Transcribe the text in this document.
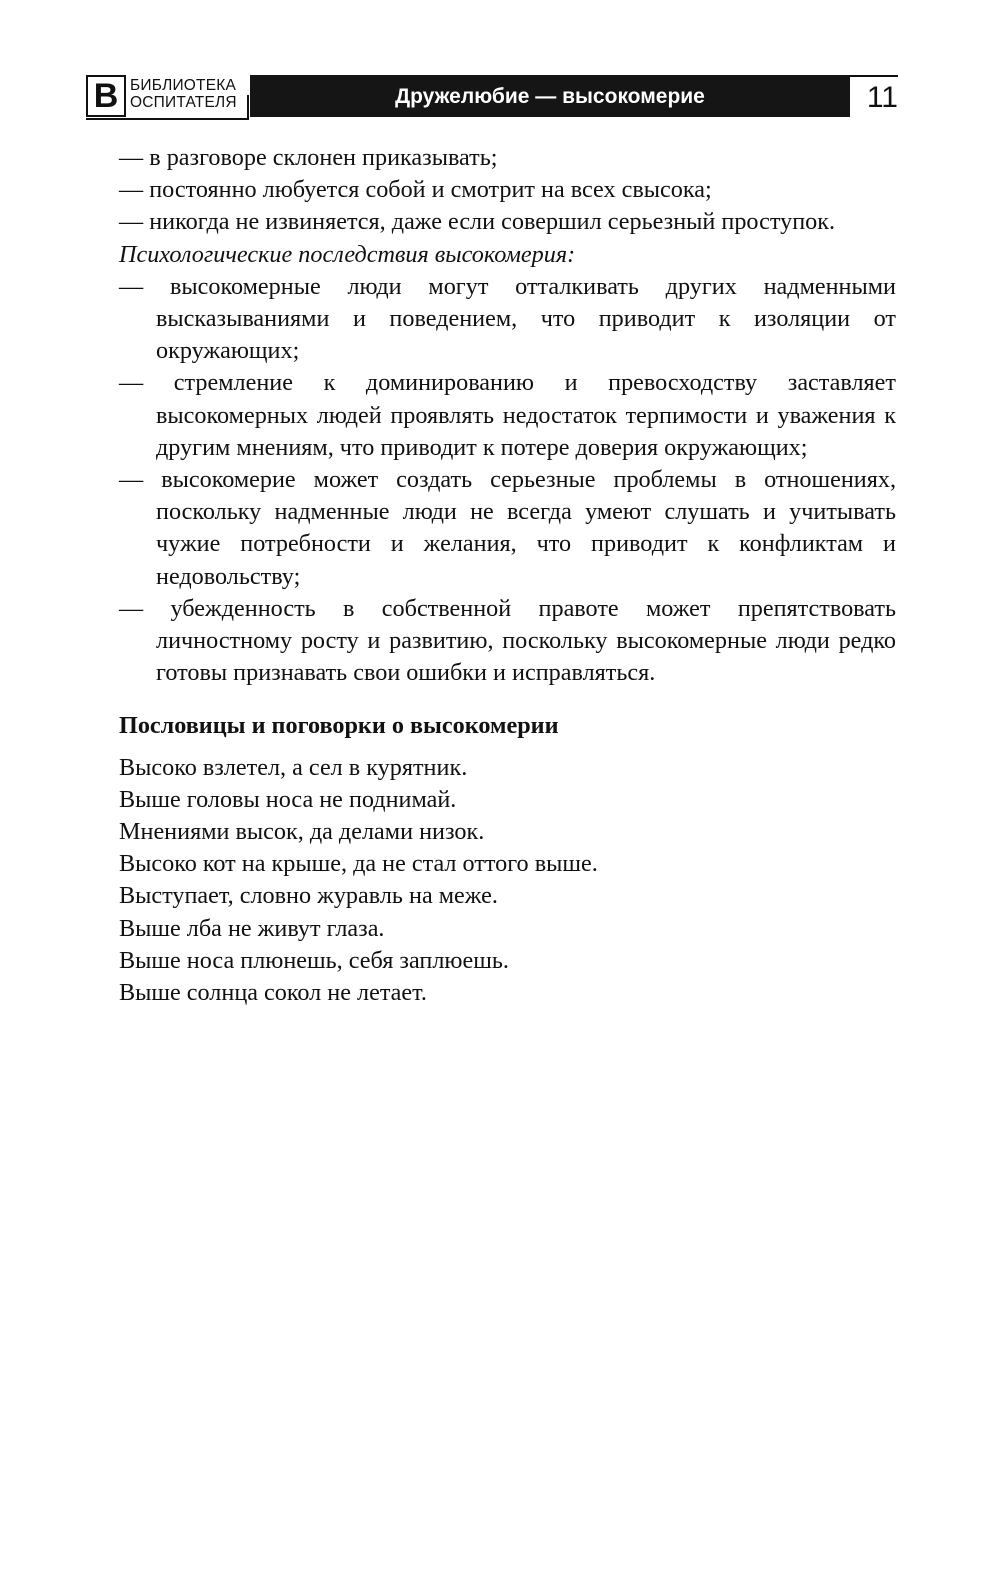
В БИБЛИОТЕКА
ОСПИТАТЕЛЯ	Дружелюбие — высокомерие	11

— в разговоре склонен приказывать;

— постоянно любуется собой и смотрит на всех свысока;

— никогда не извиняется, даже если совершил серьезный проступок.

Психологические последствия высокомерия:

— высокомерные люди могут отталкивать других надменными высказываниями и поведением, что приводит к изоляции от окружающих;

— стремление к доминированию и превосходству заставляет высокомерных людей проявлять недостаток терпимости и уважения к другим мнениям, что приводит к потере доверия окружающих;

— высокомерие может создать серьезные проблемы в отношениях, поскольку надменные люди не всегда умеют слушать и учитывать чужие потребности и желания, что приводит к конфликтам и недовольству;

— убежденность в собственной правоте может препятствовать личностному росту и развитию, поскольку высокомерные люди редко готовы признавать свои ошибки и исправляться.

Пословицы и поговорки о высокомерии

Высоко взлетел, а сел в курятник.

Выше головы носа не поднимай.

Мнениями высок, да делами низок.

Высоко кот на крыше, да не стал оттого выше.

Выступает, словно журавль на меже.

Выше лба не живут глаза.

Выше носа плюнешь, себя заплюешь.

Выше солнца сокол не летает.
